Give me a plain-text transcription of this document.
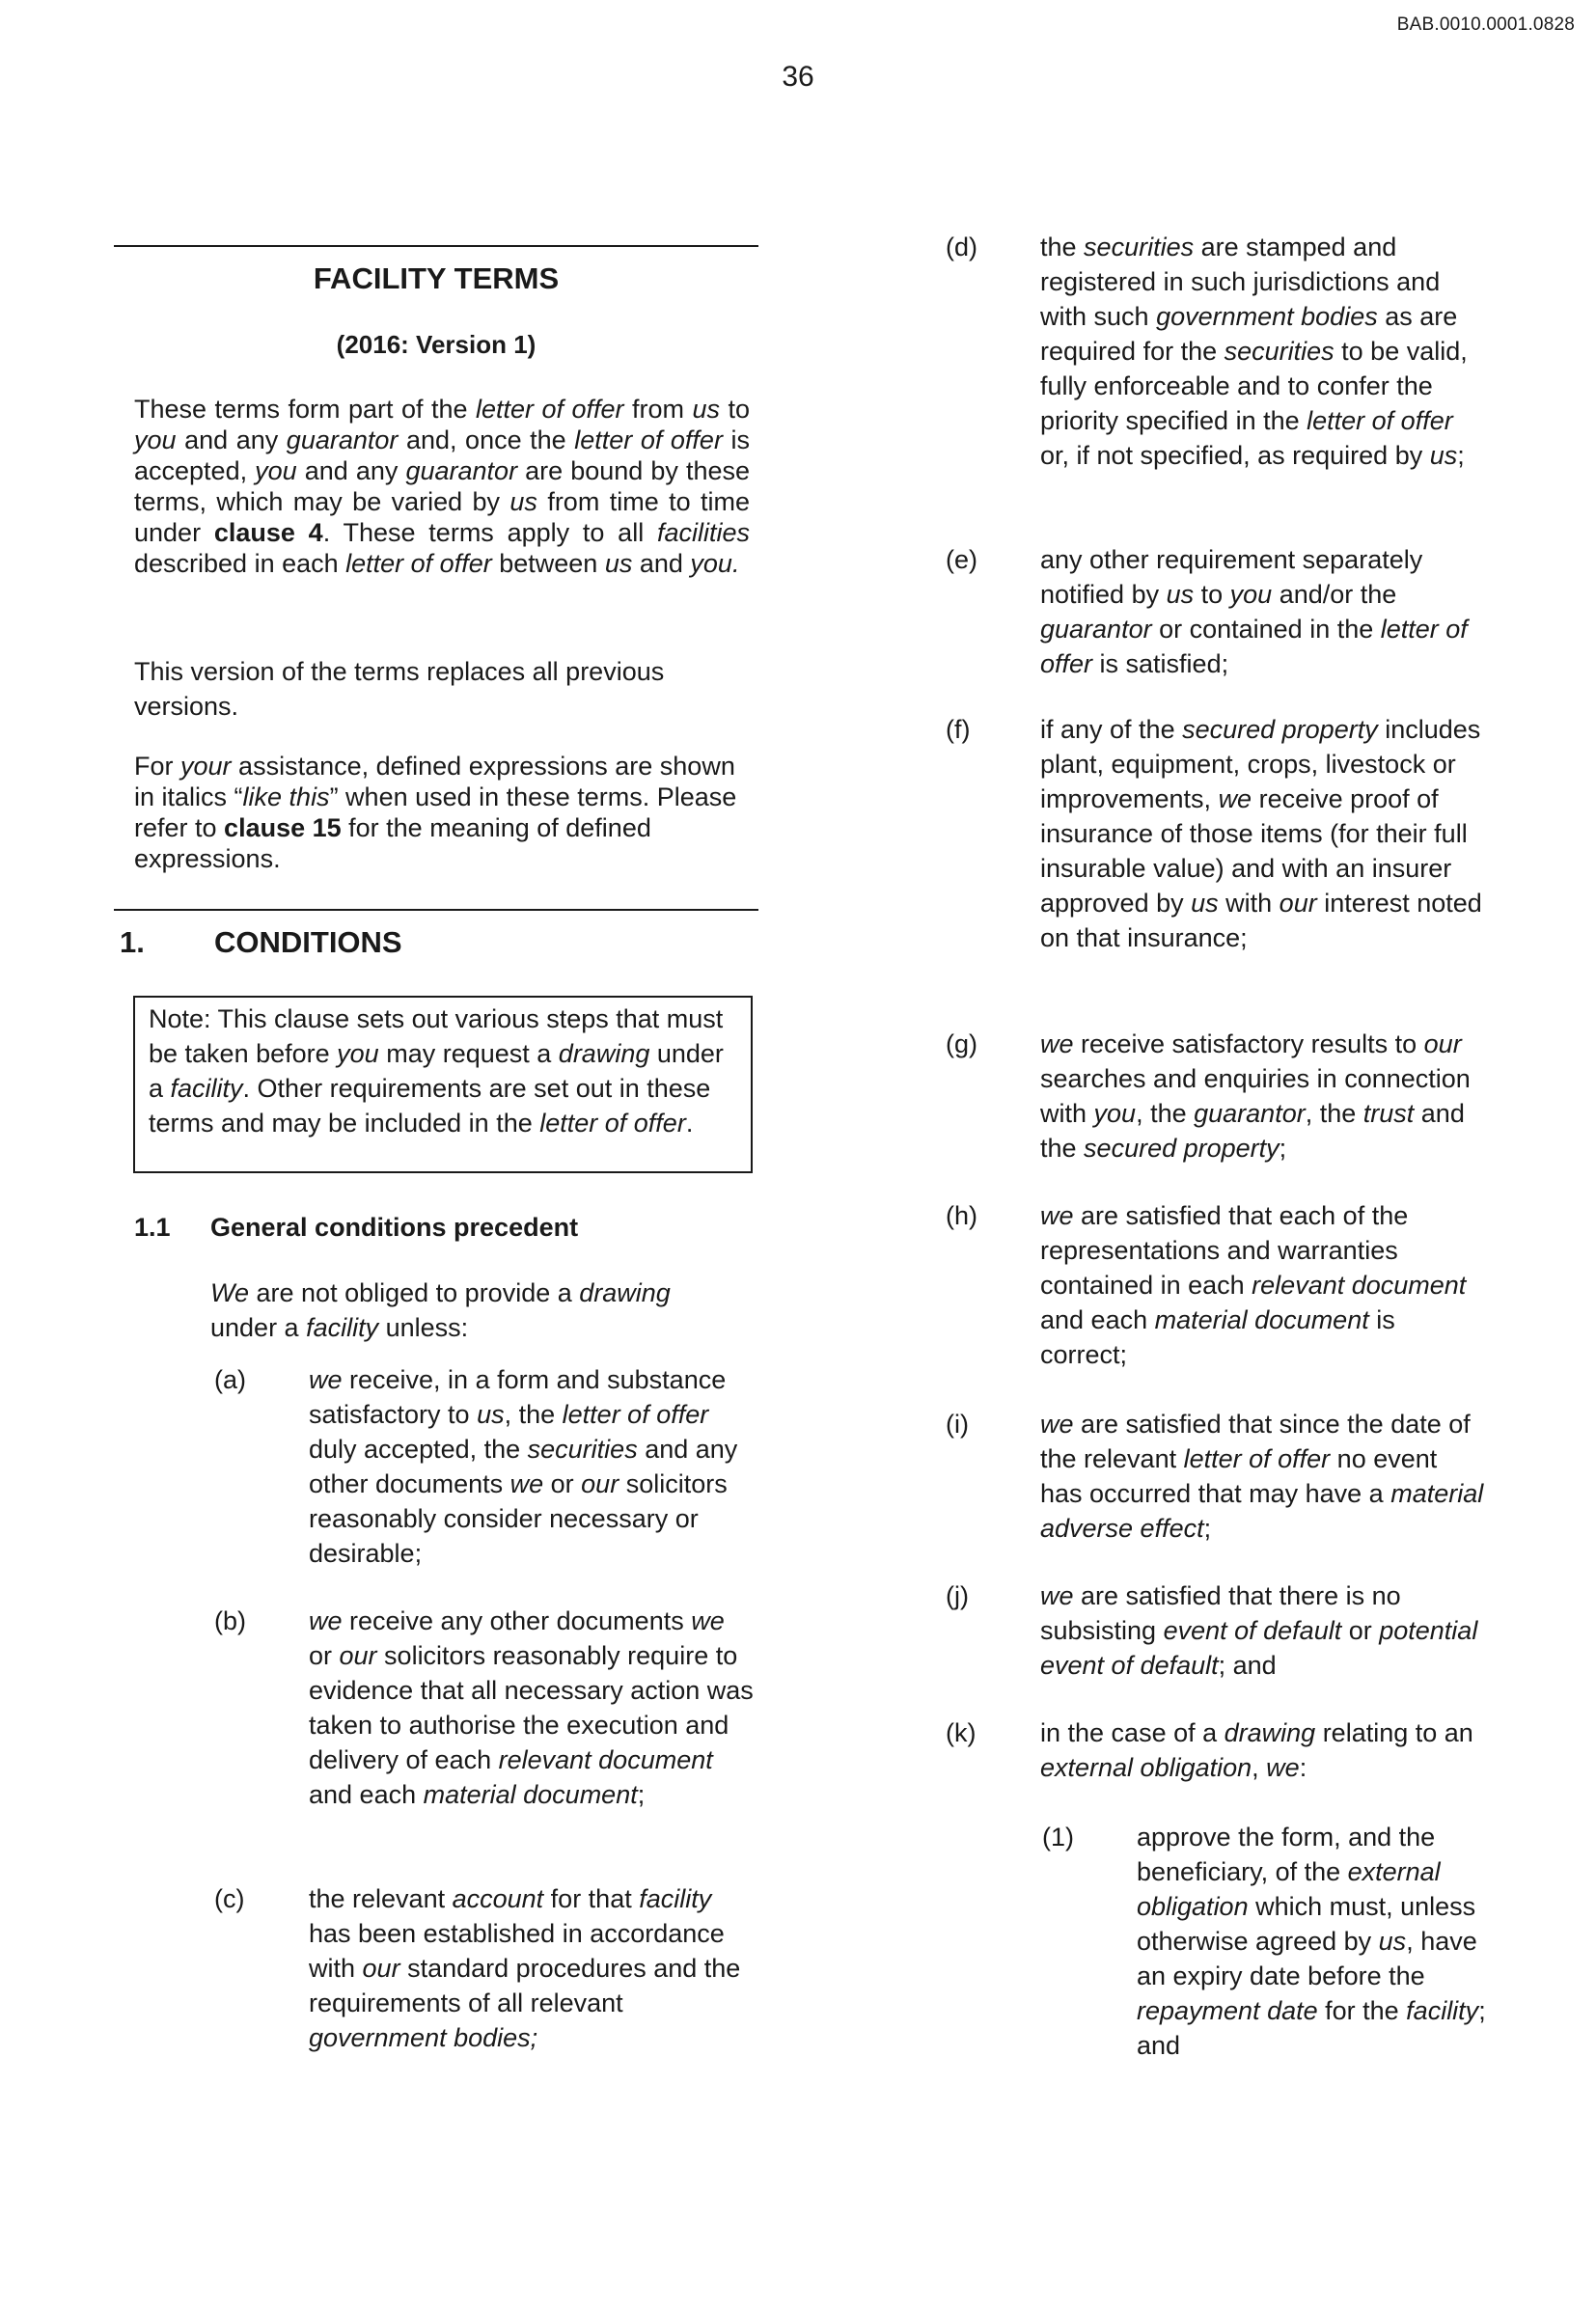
BAB.0010.0001.0828
36
FACILITY TERMS
(2016: Version 1)
These terms form part of the letter of offer from us to you and any guarantor and, once the letter of offer is accepted, you and any guarantor are bound by these terms, which may be varied by us from time to time under clause 4. These terms apply to all facilities described in each letter of offer between us and you.
This version of the terms replaces all previous versions.
For your assistance, defined expressions are shown in italics “like this” when used in these terms. Please refer to clause 15 for the meaning of defined expressions.
1. CONDITIONS
Note: This clause sets out various steps that must be taken before you may request a drawing under a facility. Other requirements are set out in these terms and may be included in the letter of offer.
1.1 General conditions precedent
We are not obliged to provide a drawing under a facility unless:
(a) we receive, in a form and substance satisfactory to us, the letter of offer duly accepted, the securities and any other documents we or our solicitors reasonably consider necessary or desirable;
(b) we receive any other documents we or our solicitors reasonably require to evidence that all necessary action was taken to authorise the execution and delivery of each relevant document and each material document;
(c) the relevant account for that facility has been established in accordance with our standard procedures and the requirements of all relevant government bodies;
(d) the securities are stamped and registered in such jurisdictions and with such government bodies as are required for the securities to be valid, fully enforceable and to confer the priority specified in the letter of offer or, if not specified, as required by us;
(e) any other requirement separately notified by us to you and/or the guarantor or contained in the letter of offer is satisfied;
(f)	if any of the secured property includes plant, equipment, crops, livestock or improvements, we receive proof of insurance of those items (for their full insurable value) and with an insurer approved by us with our interest noted on that insurance;
(g) we receive satisfactory results to our searches and enquiries in connection with you, the guarantor, the trust and the secured property;
(h) we are satisfied that each of the representations and warranties contained in each relevant document and each material document is correct;
(i)	we are satisfied that since the date of the relevant letter of offer no event has occurred that may have a material adverse effect;
(j)	we are satisfied that there is no subsisting event of default or potential event of default; and
(k) in the case of a drawing relating to an external obligation, we:
(1) approve the form, and the beneficiary, of the external obligation which must, unless otherwise agreed by us, have an expiry date before the repayment date for the facility; and
